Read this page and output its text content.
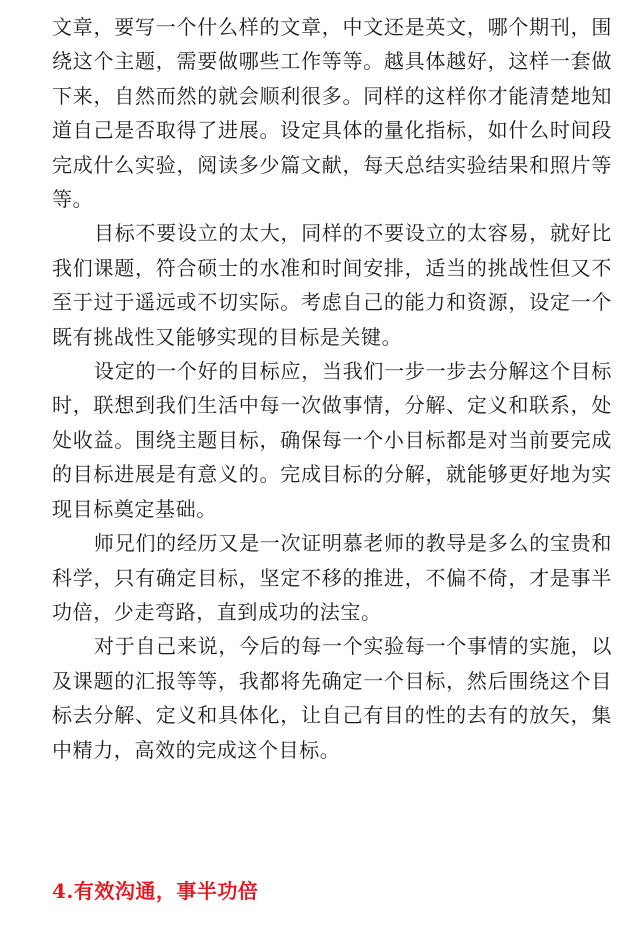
文章，要写一个什么样的文章，中文还是英文，哪个期刊，围绕这个主题，需要做哪些工作等等。越具体越好，这样一套做下来，自然而然的就会顺利很多。同样的这样你才能清楚地知道自己是否取得了进展。设定具体的量化指标，如什么时间段完成什么实验，阅读多少篇文献，每天总结实验结果和照片等等。

目标不要设立的太大，同样的不要设立的太容易，就好比我们课题，符合硕士的水准和时间安排，适当的挑战性但又不至于过于遥远或不切实际。考虑自己的能力和资源，设定一个既有挑战性又能够实现的目标是关键。

设定的一个好的目标应，当我们一步一步去分解这个目标时，联想到我们生活中每一次做事情，分解、定义和联系，处处收益。围绕主题目标，确保每一个小目标都是对当前要完成的目标进展是有意义的。完成目标的分解，就能够更好地为实现目标奠定基础。

师兄们的经历又是一次证明慕老师的教导是多么的宝贵和科学，只有确定目标，坚定不移的推进，不偏不倚，才是事半功倍，少走弯路，直到成功的法宝。

对于自己来说，今后的每一个实验每一个事情的实施，以及课题的汇报等等，我都将先确定一个目标，然后围绕这个目标去分解、定义和具体化，让自己有目的性的去有的放矢，集中精力，高效的完成这个目标。

4.有效沟通，事半功倍
